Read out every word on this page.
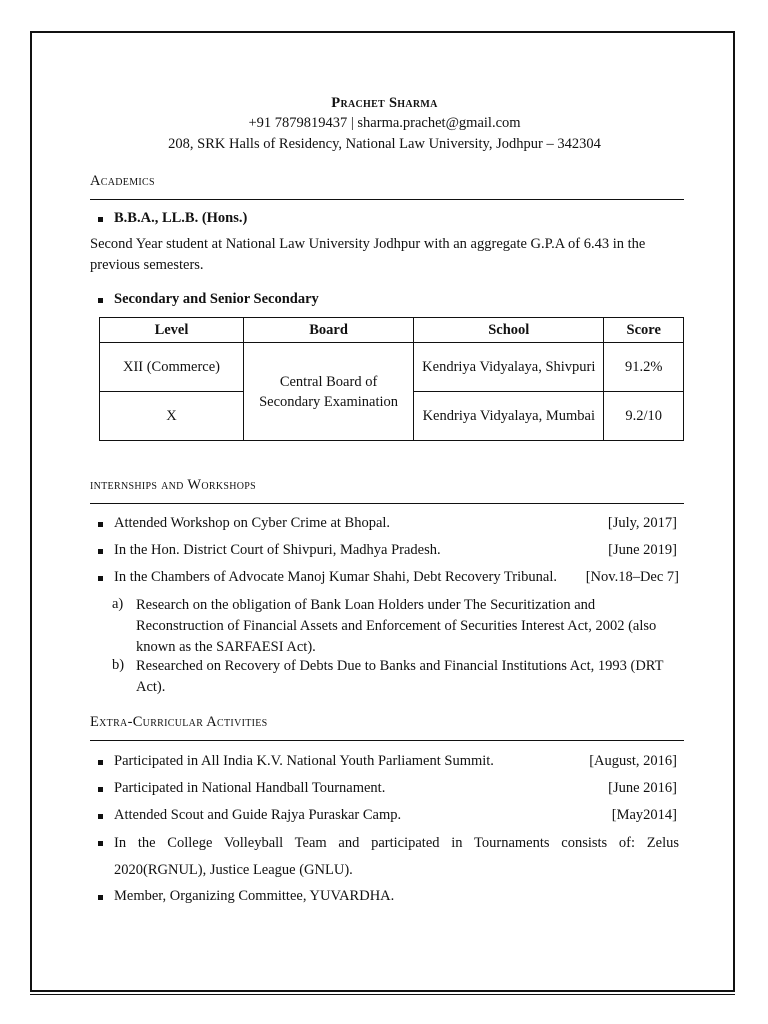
Prachet Sharma
+91 7879819437 | sharma.prachet@gmail.com
208, SRK Halls of Residency, National Law University, Jodhpur – 342304
Academics
B.B.A., LL.B. (Hons.)
Second Year student at National Law University Jodhpur with an aggregate G.P.A of 6.43 in the previous semesters.
Secondary and Senior Secondary
Level	Board	School	Score
XII (Commerce)	Central Board of Secondary Examination	Kendriya Vidyalaya, Shivpuri	91.2%
X		Kendriya Vidyalaya, Mumbai	9.2/10
internships and Workshops
Attended Workshop on Cyber Crime at Bhopal.	[July, 2017]
In the Hon. District Court of Shivpuri, Madhya Pradesh.	[June 2019]
In the Chambers of Advocate Manoj Kumar Shahi, Debt Recovery Tribunal.	[Nov.18–Dec 7]
a) Research on the obligation of Bank Loan Holders under The Securitization and Reconstruction of Financial Assets and Enforcement of Securities Interest Act, 2002 (also known as the SARFAESI Act).
b) Researched on Recovery of Debts Due to Banks and Financial Institutions Act, 1993 (DRT Act).
Extra-Curricular Activities
Participated in All India K.V. National Youth Parliament Summit.	[August, 2016]
Participated in National Handball Tournament.	[June 2016]
Attended Scout and Guide Rajya Puraskar Camp.	[May2014]
In the College Volleyball Team and participated in Tournaments consists of: Zelus 2020(RGNUL), Justice League (GNLU).
Member, Organizing Committee, YUVARDHA.
